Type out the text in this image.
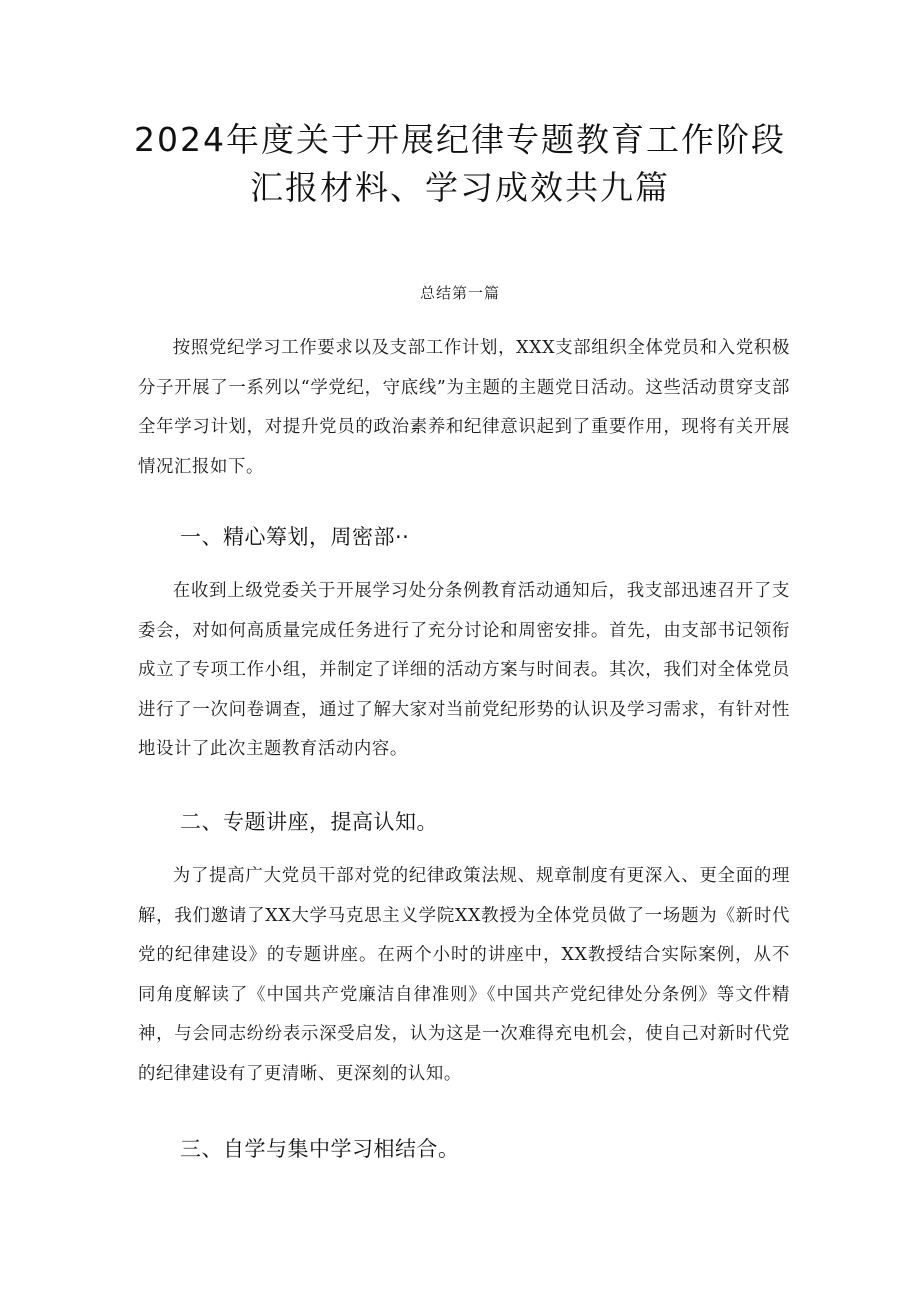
2024年度关于开展纪律专题教育工作阶段
汇报材料、学习成效共九篇
总结第一篇
按照党纪学习工作要求以及支部工作计划，XXX支部组织全体党员和入党积极分子开展了一系列以“学党纪，守底线”为主题的主题党日活动。这些活动贯穿支部全年学习计划，对提升党员的政治素养和纪律意识起到了重要作用，现将有关开展情况汇报如下。
一、精心筹划，周密部··
在收到上级党委关于开展学习处分条例教育活动通知后，我支部迅速召开了支委会，对如何高质量完成任务进行了充分讨论和周密安排。首先，由支部书记领衔成立了专项工作小组，并制定了详细的活动方案与时间表。其次，我们对全体党员进行了一次问卷调查，通过了解大家对当前党纪形势的认识及学习需求，有针对性地设计了此次主题教育活动内容。
二、专题讲座，提高认知。
为了提高广大党员干部对党的纪律政策法规、规章制度有更深入、更全面的理解，我们邀请了XX大学马克思主义学院XX教授为全体党员做了一场题为《新时代党的纪律建设》的专题讲座。在两个小时的讲座中，XX教授结合实际案例，从不同角度解读了《中国共产党廉洁自律准则》《中国共产党纪律处分条例》等文件精神，与会同志纷纷表示深受启发，认为这是一次难得充电机会，使自己对新时代党的纪律建设有了更清晰、更深刻的认知。
三、自学与集中学习相结合。
